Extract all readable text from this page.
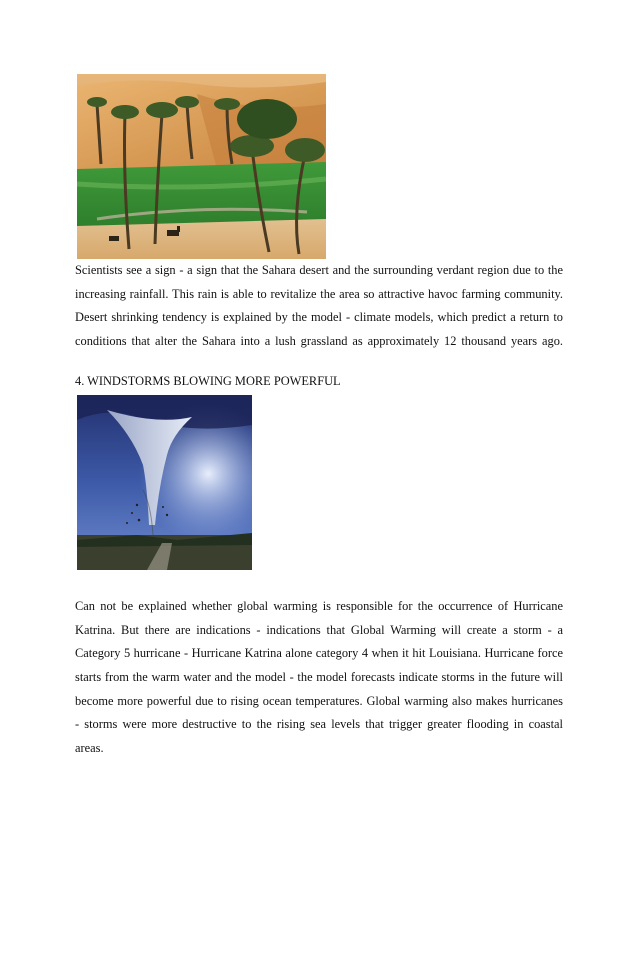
Scientists see a sign - a sign that the Sahara desert and the surrounding verdant region due to the
increasing rainfall. This rain is able to revitalize the area so attractive havoc farming community.
Desert shrinking tendency is explained by the model - climate models, which predict a return to
conditions that alter the Sahara into a lush grassland as approximately 12 thousand years ago.
4. WINDSTORMS BLOWING MORE POWERFUL
Can not be explained whether global warming is responsible for the occurrence of Hurricane
Katrina. But there are indications - indications that Global Warming will create a storm - a
Category 5 hurricane - Hurricane Katrina alone category 4 when it hit Louisiana. Hurricane force
starts from the warm water and the model - the model forecasts indicate storms in the future will
become more powerful due to rising ocean temperatures. Global warming also makes hurricanes
- storms were more destructive to the rising sea levels that trigger greater flooding in coastal
areas.
